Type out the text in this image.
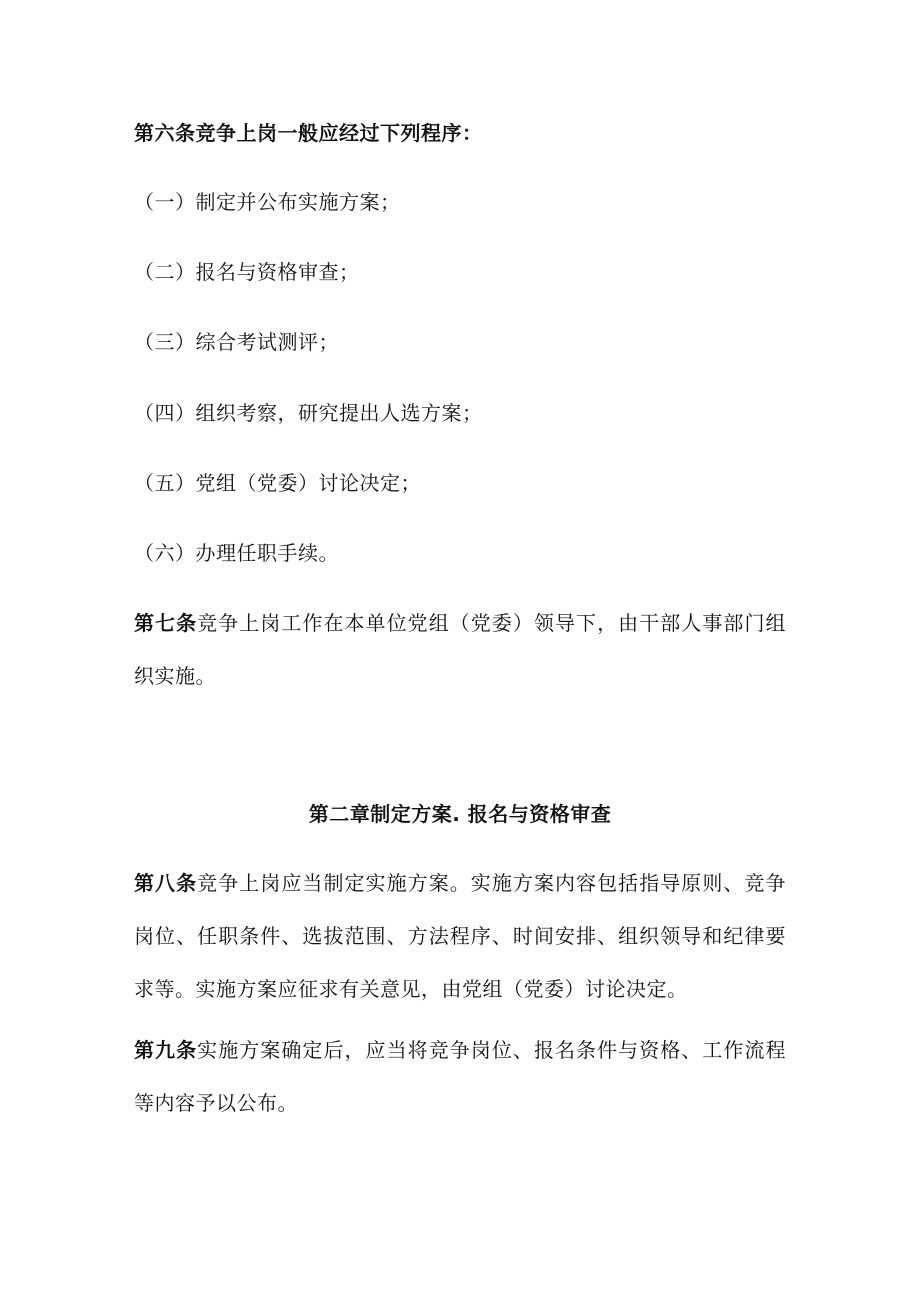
第六条竞争上岗一般应经过下列程序：
（一）制定并公布实施方案；
（二）报名与资格审查；
（三）综合考试测评；
（四）组织考察，研究提出人选方案；
（五）党组（党委）讨论决定；
（六）办理任职手续。
第七条竞争上岗工作在本单位党组（党委）领导下，由干部人事部门组织实施。
第二章制定方案. 报名与资格审查
第八条竞争上岗应当制定实施方案。实施方案内容包括指导原则、竞争岗位、任职条件、选拔范围、方法程序、时间安排、组织领导和纪律要求等。实施方案应征求有关意见，由党组（党委）讨论决定。
第九条实施方案确定后，应当将竞争岗位、报名条件与资格、工作流程等内容予以公布。
